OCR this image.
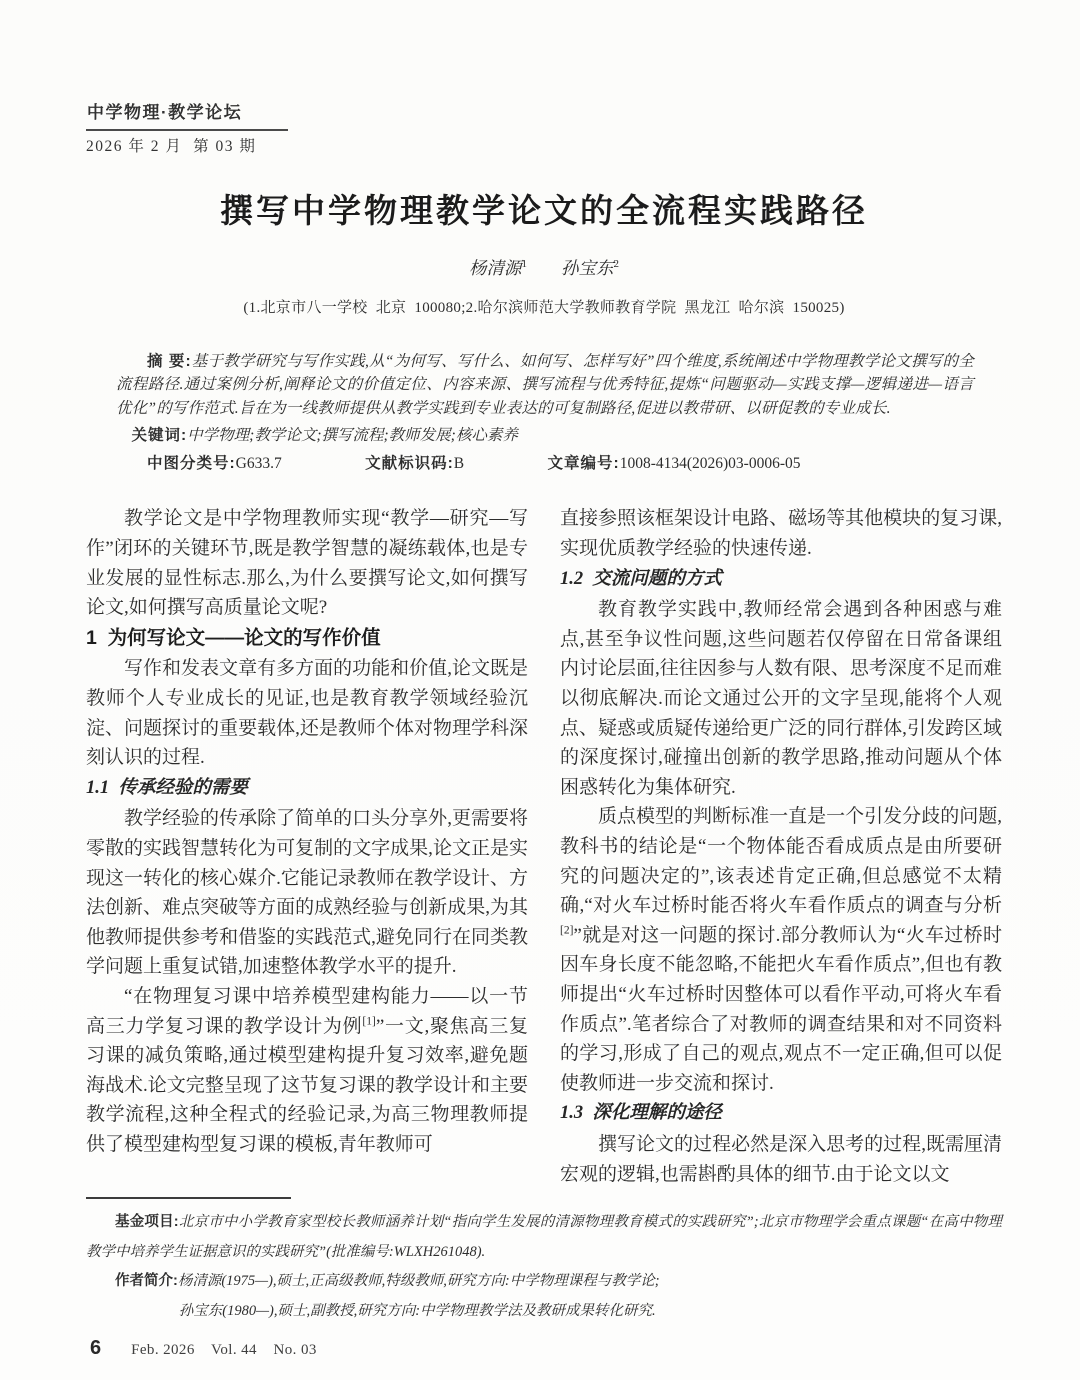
中学物理·教学论坛
2026 年 2 月  第 03 期
撰写中学物理教学论文的全流程实践路径
杨清源$^1$ 孙宝东$^2$
(1.北京市八一学校  北京  100080;2.哈尔滨师范大学教师教育学院  黑龙江  哈尔滨  150025)

摘 要:基于教学研究与写作实践,从“为何写、写什么、如何写、怎样写好”四个维度,系统阐述中学物理教学论文撰写的全流程路径.通过案例分析,阐释论文的价值定位、内容来源、撰写流程与优秀特征,提炼“问题驱动—实践支撑—逻辑递进—语言优化”的写作范式.旨在为一线教师提供从教学实践到专业表达的可复制路径,促进以教带研、以研促教的专业成长.

关键词:中学物理;教学论文;撰写流程;教师发展;核心素养

中图分类号:G633.7	文献标识码:B	文章编号:1008-4134(2026)03-0006-05

教学论文是中学物理教师实现“教学—研究—写作”闭环的关键环节,既是教学智慧的凝练载体,也是专业发展的显性标志.那么,为什么要撰写论文,如何撰写论文,如何撰写高质量论文呢?

1  为何写论文——论文的写作价值

写作和发表文章有多方面的功能和价值,论文既是教师个人专业成长的见证,也是教育教学领域经验沉淀、问题探讨的重要载体,还是教师个体对物理学科深刻认识的过程.

1.1  传承经验的需要

教学经验的传承除了简单的口头分享外,更需要将零散的实践智慧转化为可复制的文字成果,论文正是实现这一转化的核心媒介.它能记录教师在教学设计、方法创新、难点突破等方面的成熟经验与创新成果,为其他教师提供参考和借鉴的实践范式,避免同行在同类教学问题上重复试错,加速整体教学水平的提升.

“在物理复习课中培养模型建构能力——以一节高三力学复习课的教学设计为例[1]”一文,聚焦高三复习课的减负策略,通过模型建构提升复习效率,避免题海战术.论文完整呈现了这节复习课的教学设计和主要教学流程,这种全程式的经验记录,为高三物理教师提供了模型建构型复习课的模板,青年教师可

直接参照该框架设计电路、磁场等其他模块的复习课,实现优质教学经验的快速传递.

1.2  交流问题的方式

教育教学实践中,教师经常会遇到各种困惑与难点,甚至争议性问题,这些问题若仅停留在日常备课组内讨论层面,往往因参与人数有限、思考深度不足而难以彻底解决.而论文通过公开的文字呈现,能将个人观点、疑惑或质疑传递给更广泛的同行群体,引发跨区域的深度探讨,碰撞出创新的教学思路,推动问题从个体困惑转化为集体研究.

质点模型的判断标准一直是一个引发分歧的问题,教科书的结论是“一个物体能否看成质点是由所要研究的问题决定的”,该表述肯定正确,但总感觉不太精确,“对火车过桥时能否将火车看作质点的调查与分析[2]”就是对这一问题的探讨.部分教师认为“火车过桥时因车身长度不能忽略,不能把火车看作质点”,但也有教师提出“火车过桥时因整体可以看作平动,可将火车看作质点”.笔者综合了对教师的调查结果和对不同资料的学习,形成了自己的观点,观点不一定正确,但可以促使教师进一步交流和探讨.

1.3  深化理解的途径

撰写论文的过程必然是深入思考的过程,既需厘清宏观的逻辑,也需斟酌具体的细节.由于论文以文

基金项目:北京市中小学教育家型校长教师涵养计划“指向学生发展的清源物理教育模式的实践研究”;北京市物理学会重点课题“在高中物理教学中培养学生证据意识的实践研究”(批准编号:WLXH261048).

作者简介:杨清源(1975—),硕士,正高级教师,特级教师,研究方向:中学物理课程与教学论;

孙宝东(1980—),硕士,副教授,研究方向:中学物理教学法及教研成果转化研究.
6 Feb. 2026    Vol. 44    No. 03
